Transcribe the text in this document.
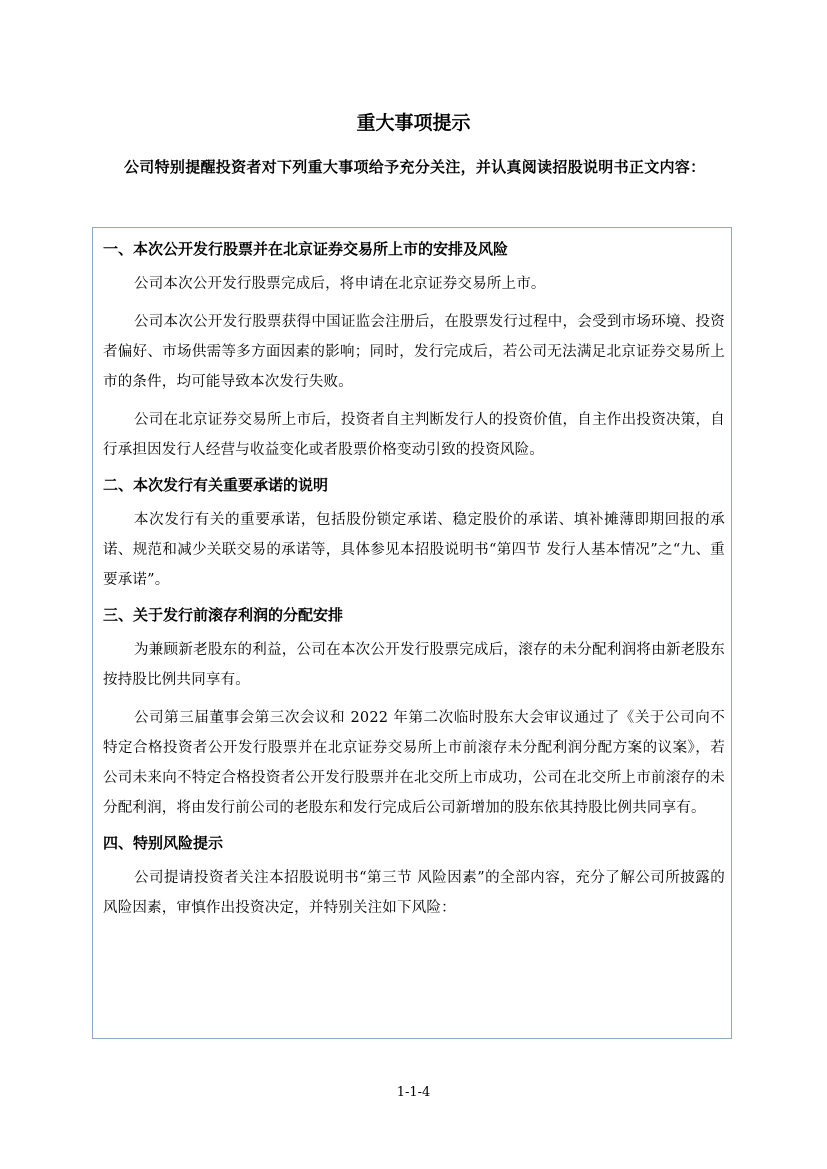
重大事项提示

公司特别提醒投资者对下列重大事项给予充分关注，并认真阅读招股说明书正文内容：

一、本次公开发行股票并在北京证券交易所上市的安排及风险

公司本次公开发行股票完成后，将申请在北京证券交易所上市。

公司本次公开发行股票获得中国证监会注册后，在股票发行过程中，会受到市场环境、投资者偏好、市场供需等多方面因素的影响；同时，发行完成后，若公司无法满足北京证券交易所上市的条件，均可能导致本次发行失败。

公司在北京证券交易所上市后，投资者自主判断发行人的投资价值，自主作出投资决策，自行承担因发行人经营与收益变化或者股票价格变动引致的投资风险。

二、本次发行有关重要承诺的说明

本次发行有关的重要承诺，包括股份锁定承诺、稳定股价的承诺、填补摊薄即期回报的承诺、规范和减少关联交易的承诺等，具体参见本招股说明书“第四节 发行人基本情况”之“九、重要承诺”。

三、关于发行前滚存利润的分配安排

为兼顾新老股东的利益，公司在本次公开发行股票完成后，滚存的未分配利润将由新老股东按持股比例共同享有。

公司第三届董事会第三次会议和 2022 年第二次临时股东大会审议通过了《关于公司向不特定合格投资者公开发行股票并在北京证券交易所上市前滚存未分配利润分配方案的议案》，若公司未来向不特定合格投资者公开发行股票并在北交所上市成功，公司在北交所上市前滚存的未分配利润，将由发行前公司的老股东和发行完成后公司新增加的股东依其持股比例共同享有。

四、特别风险提示

公司提请投资者关注本招股说明书“第三节 风险因素”的全部内容，充分了解公司所披露的风险因素，审慎作出投资决定，并特别关注如下风险：

1-1-4
